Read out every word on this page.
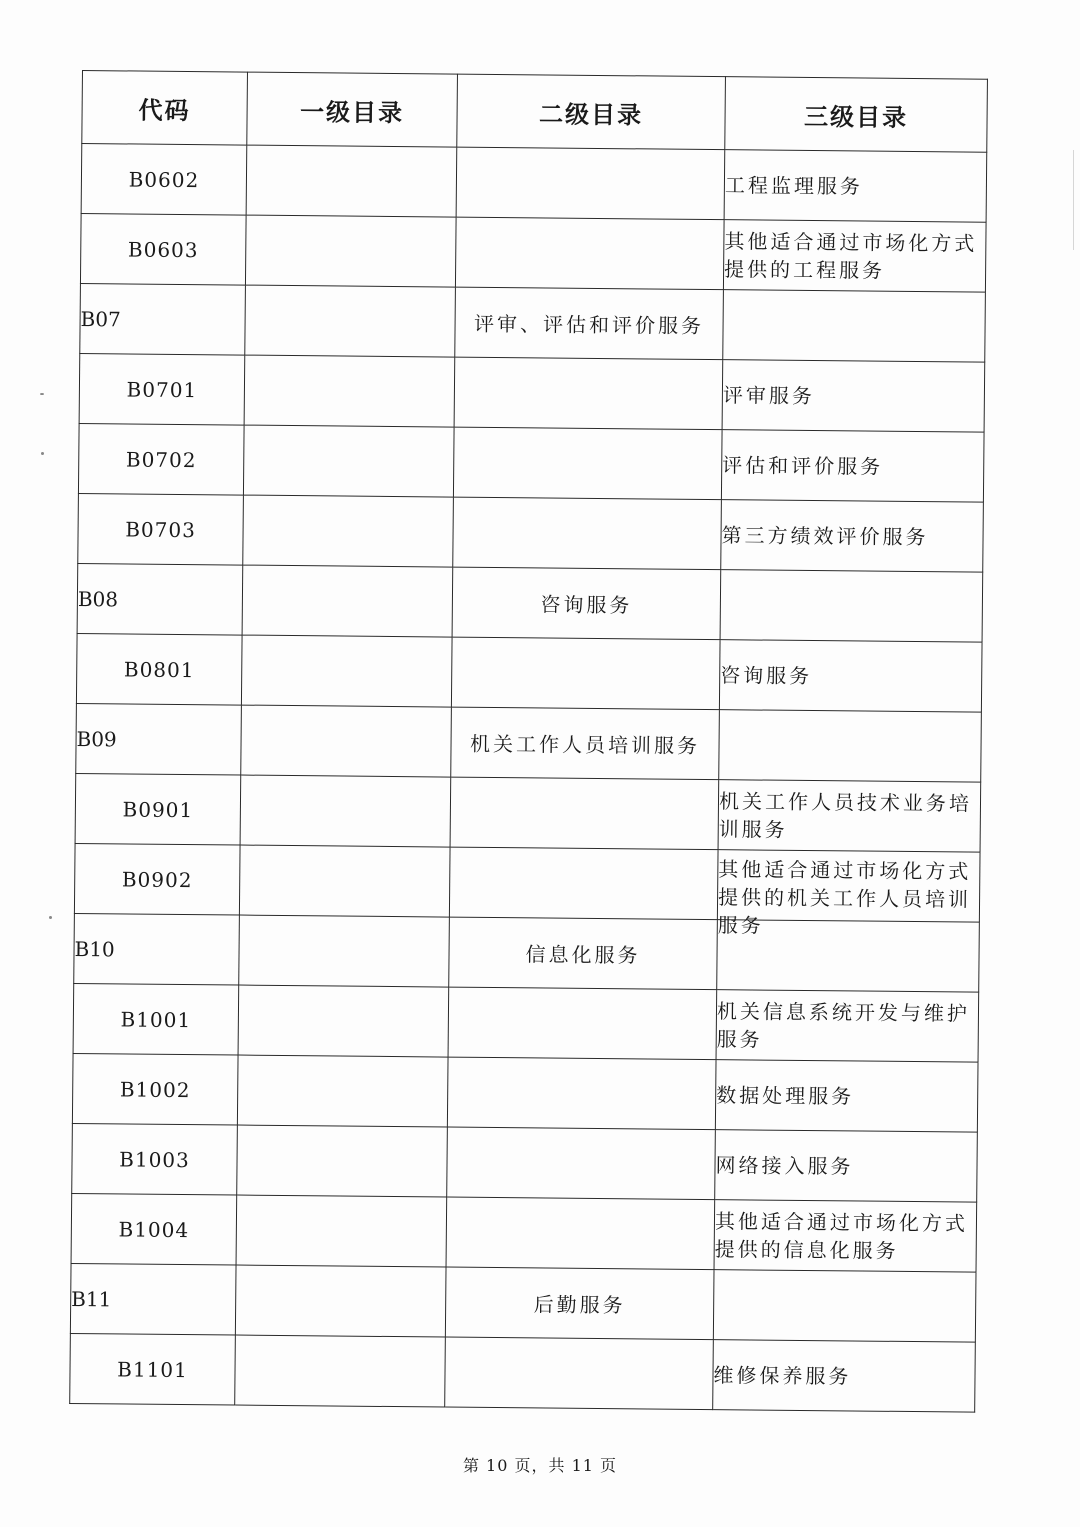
代码	一级目录	二级目录	三级目录
B0602			工程监理服务

B0603			其他适合通过市场化方式提供的工程服务

B07		评审、评估和评价服务	

B0701			评审服务

B0702			评估和评价服务

B0703			第三方绩效评价服务

B08		咨询服务	

B0801			咨询服务

B09		机关工作人员培训服务	

B0901			机关工作人员技术业务培训服务

B0902			其他适合通过市场化方式提供的机关工作人员培训服务

B10		信息化服务	

B1001			机关信息系统开发与维护服务

B1002			数据处理服务

B1003			网络接入服务

B1004			其他适合通过市场化方式提供的信息化服务

B11		后勤服务	

B1101			维修保养服务
第 10 页，共 11 页
